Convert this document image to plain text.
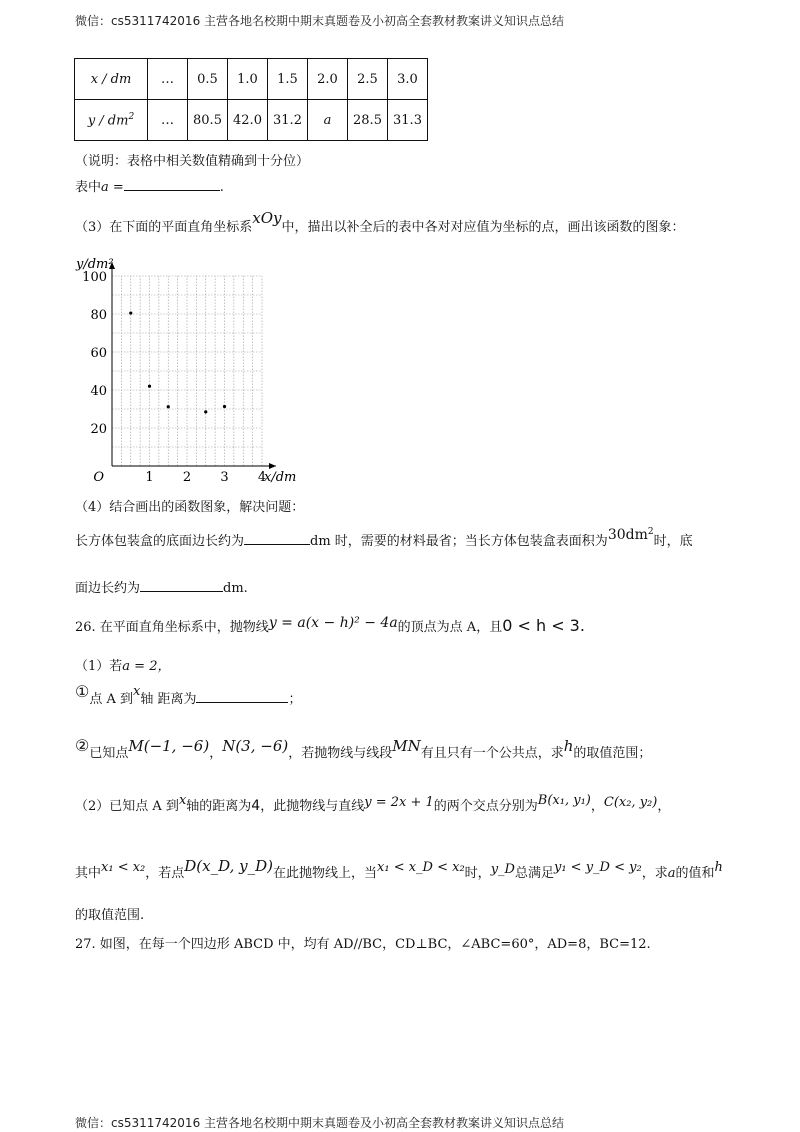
微信：cs5311742016 主营各地名校期中期末真题卷及小初高全套教材教案讲义知识点总结
x / dm	…	0.5	1.0	1.5	2.0	2.5	3.0
y / $dm^2$	…	80.5	42.0	31.2	a	28.5	31.3
（说明：表格中相关数值精确到十分位）
表中a =	.
（3）在下面的平面直角坐标系xOy中，描出以补全后的表中各对对应值为坐标的点，画出该函数的图象：
1 2 3 4
20
40
60
80
100
O	x/dm
y/dm²
（4）结合画出的函数图象，解决问题：
长方体包装盒的底面边长约为	dm 时，需要的材料最省；当长方体包装盒表面积为$30dm^2$时，底
面边长约为	dm.
26. 在平面直角坐标系中，抛物线y = a(x − h)² − 4a的顶点为点 A，且0 < h < 3.
（1）若a = 2，
①点 A 到x轴 距离为	；
②已知点M(−1, −6)，N(3, −6)，若抛物线与线段MN有且只有一个公共点，求h的取值范围；
（2）已知点 A 到x轴的距离为4，此抛物线与直线y = 2x + 1的两个交点分别为B(x₁, y₁)，C(x₂, y₂)，
其中x₁ < x₂，若点D(x_D, y_D)在此抛物线上，当x₁ < x_D < x₂时，y_D总满足y₁ < y_D < y₂，求a的值和h
的取值范围.
27. 如图，在每一个四边形 ABCD 中，均有 AD//BC，CD⊥BC，∠ABC=60°，AD=8，BC=12.
微信：cs5311742016 主营各地名校期中期末真题卷及小初高全套教材教案讲义知识点总结
